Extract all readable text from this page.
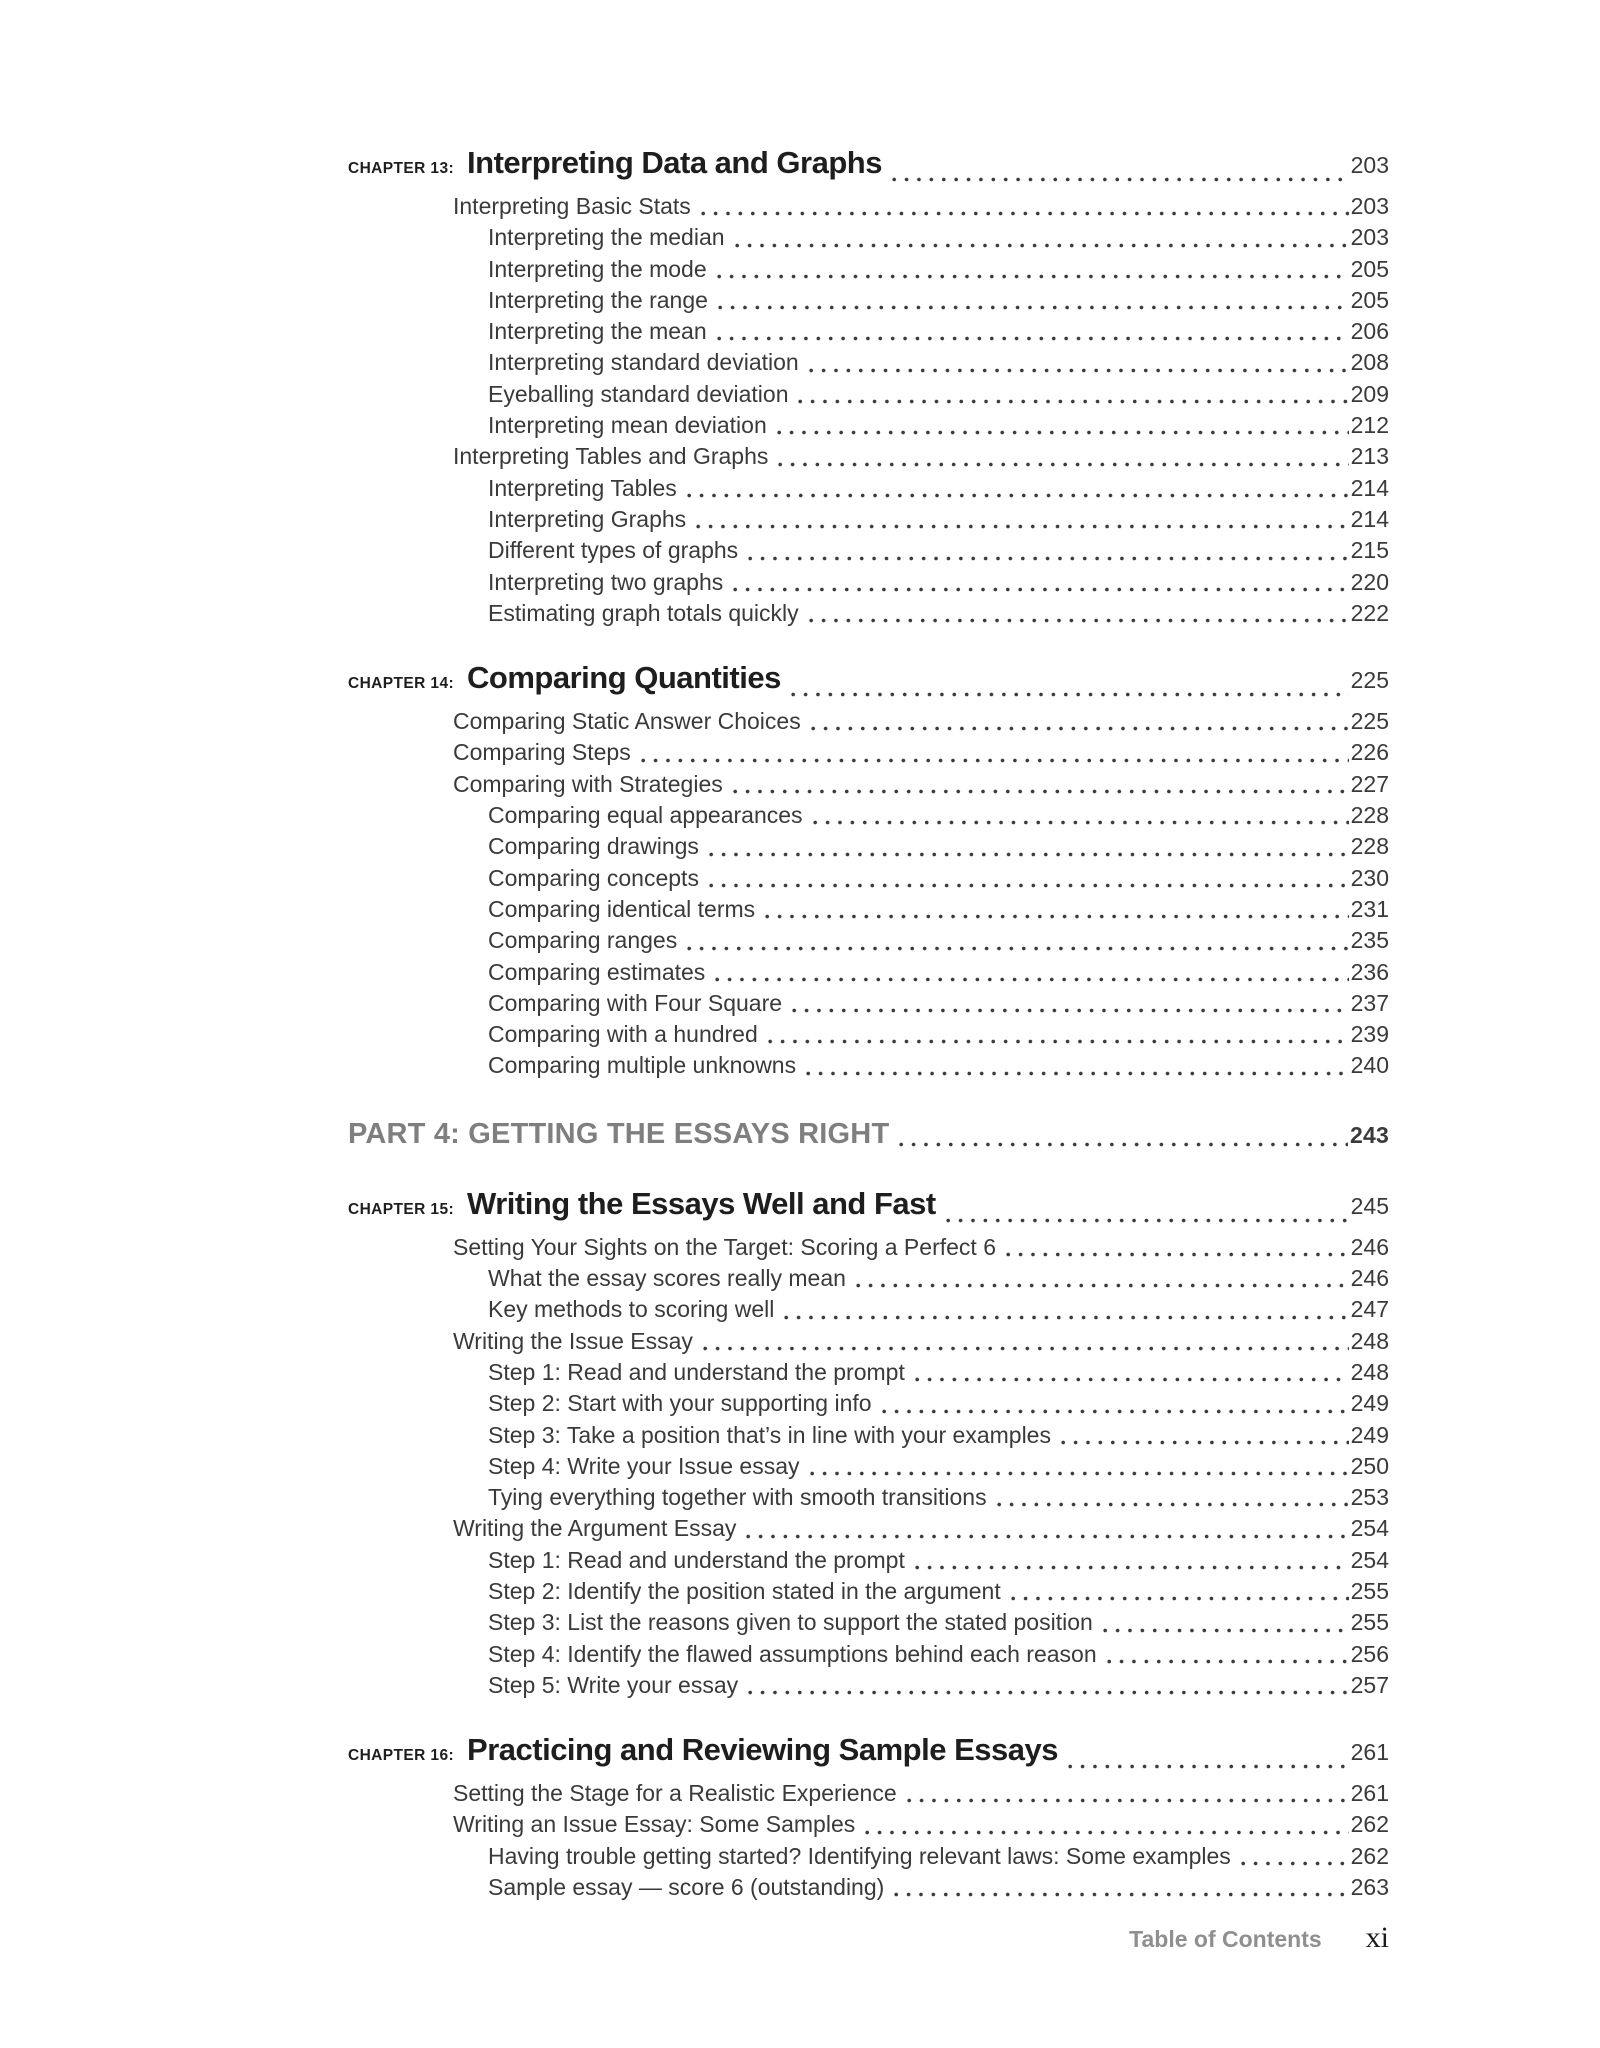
CHAPTER 13: Interpreting Data and Graphs	203
Interpreting Basic Stats	203
Interpreting the median	203
Interpreting the mode	205
Interpreting the range	205
Interpreting the mean	206
Interpreting standard deviation	208
Eyeballing standard deviation	209
Interpreting mean deviation	212
Interpreting Tables and Graphs	213
Interpreting Tables	214
Interpreting Graphs	214
Different types of graphs	215
Interpreting two graphs	220
Estimating graph totals quickly	222
CHAPTER 14: Comparing Quantities	225
Comparing Static Answer Choices	225
Comparing Steps	226
Comparing with Strategies	227
Comparing equal appearances	228
Comparing drawings	228
Comparing concepts	230
Comparing identical terms	231
Comparing ranges	235
Comparing estimates	236
Comparing with Four Square	237
Comparing with a hundred	239
Comparing multiple unknowns	240
PART 4: GETTING THE ESSAYS RIGHT	243
CHAPTER 15: Writing the Essays Well and Fast	245
Setting Your Sights on the Target: Scoring a Perfect 6	246
What the essay scores really mean	246
Key methods to scoring well	247
Writing the Issue Essay	248
Step 1: Read and understand the prompt	248
Step 2: Start with your supporting info	249
Step 3: Take a position that’s in line with your examples	249
Step 4: Write your Issue essay	250
Tying everything together with smooth transitions	253
Writing the Argument Essay	254
Step 1: Read and understand the prompt	254
Step 2: Identify the position stated in the argument	255
Step 3: List the reasons given to support the stated position	255
Step 4: Identify the flawed assumptions behind each reason	256
Step 5: Write your essay	257
CHAPTER 16: Practicing and Reviewing Sample Essays	261
Setting the Stage for a Realistic Experience	261
Writing an Issue Essay: Some Samples	262
Having trouble getting started? Identifying relevant laws: Some examples	262
Sample essay — score 6 (outstanding)	263
Table of Contents xi
